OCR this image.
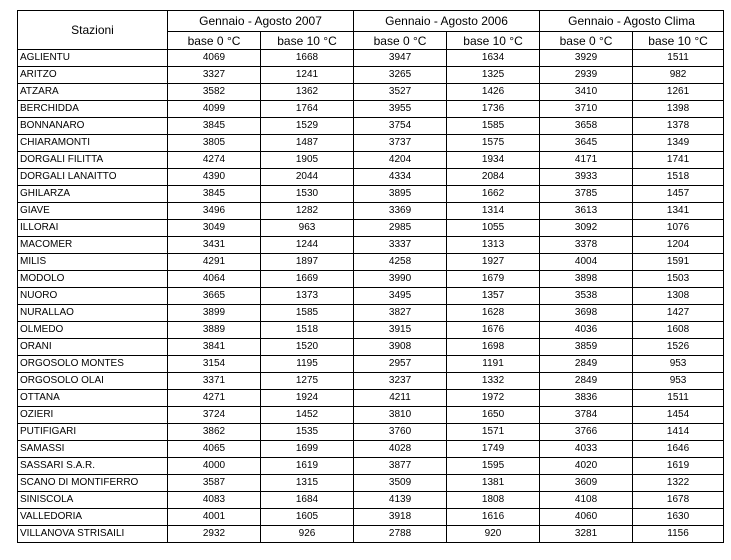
Stazioni	Gennaio - Agosto 2007		Gennaio - Agosto 2006		Gennaio - Agosto Clima	
	base 0 °C	base 10 °C	base 0 °C	base 10 °C	base 0 °C	base 10 °C
AGLIENTU	4069	1668	3947	1634	3929	1511
ARITZO	3327	1241	3265	1325	2939	982
ATZARA	3582	1362	3527	1426	3410	1261
BERCHIDDA	4099	1764	3955	1736	3710	1398
BONNANARO	3845	1529	3754	1585	3658	1378
CHIARAMONTI	3805	1487	3737	1575	3645	1349
DORGALI FILITTA	4274	1905	4204	1934	4171	1741
DORGALI LANAITTO	4390	2044	4334	2084	3933	1518
GHILARZA	3845	1530	3895	1662	3785	1457
GIAVE	3496	1282	3369	1314	3613	1341
ILLORAI	3049	963	2985	1055	3092	1076
MACOMER	3431	1244	3337	1313	3378	1204
MILIS	4291	1897	4258	1927	4004	1591
MODOLO	4064	1669	3990	1679	3898	1503
NUORO	3665	1373	3495	1357	3538	1308
NURALLAO	3899	1585	3827	1628	3698	1427
OLMEDO	3889	1518	3915	1676	4036	1608
ORANI	3841	1520	3908	1698	3859	1526
ORGOSOLO MONTES	3154	1195	2957	1191	2849	953
ORGOSOLO OLAI	3371	1275	3237	1332	2849	953
OTTANA	4271	1924	4211	1972	3836	1511
OZIERI	3724	1452	3810	1650	3784	1454
PUTIFIGARI	3862	1535	3760	1571	3766	1414
SAMASSI	4065	1699	4028	1749	4033	1646
SASSARI S.A.R.	4000	1619	3877	1595	4020	1619
SCANO DI MONTIFERRO	3587	1315	3509	1381	3609	1322
SINISCOLA	4083	1684	4139	1808	4108	1678
VALLEDORIA	4001	1605	3918	1616	4060	1630
VILLANOVA STRISAILI	2932	926	2788	920	3281	1156
